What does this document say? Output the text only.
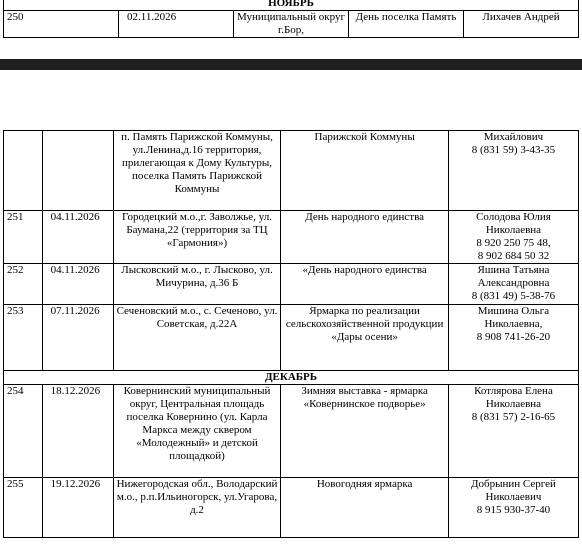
НОЯБРЬ
250	02.11.2026	Муниципальный округ г.Бор,	День поселка Память	Лихачев Андрей
		п. Память Парижской Коммуны, ул.Ленина,д.16 территория, прилегающая к Дому Культуры, поселка Память Парижской Коммуны	Парижской Коммуны	Михайлович
8 (831 59) 3-43-35

251	04.11.2026	Городецкий м.о.,г. Заволжье, ул. Баумана,22 (территория за ТЦ «Гармония»)	День народного единства	Солодова Юлия Николаевна
8 920 250 75 48,
8 902 684 50 32

252	04.11.2026	Лысковский м.о., г. Лысково, ул. Мичурина, д.36 Б	«День народного единства	Яшина Татьяна Александровна
8 (831 49) 5-38-76

253	07.11.2026	Сеченовский м.о., с. Сеченово, ул. Советская, д.22А	Ярмарка по реализации сельскохозяйственной продукции «Дары осени»	Мишина Ольга Николаевна,
8 908 741-26-20

ДЕКАБРЬ				
254	18.12.2026	Ковернинский муниципальный округ, Центральная площадь поселка Ковернино (ул. Карла Маркса между сквером «Молодежный» и детской площадкой)	Зимняя выставка - ярмарка «Ковернинское подворье»	Котлярова Елена Николаевна
8 (831 57) 2-16-65

255	19.12.2026	Нижегородская обл., Володарский м.о., р.п.Ильиногорск, ул.Угарова, д.2	Новогодняя ярмарка	Добрынин Сергей Николаевич
8 915 930-37-40
